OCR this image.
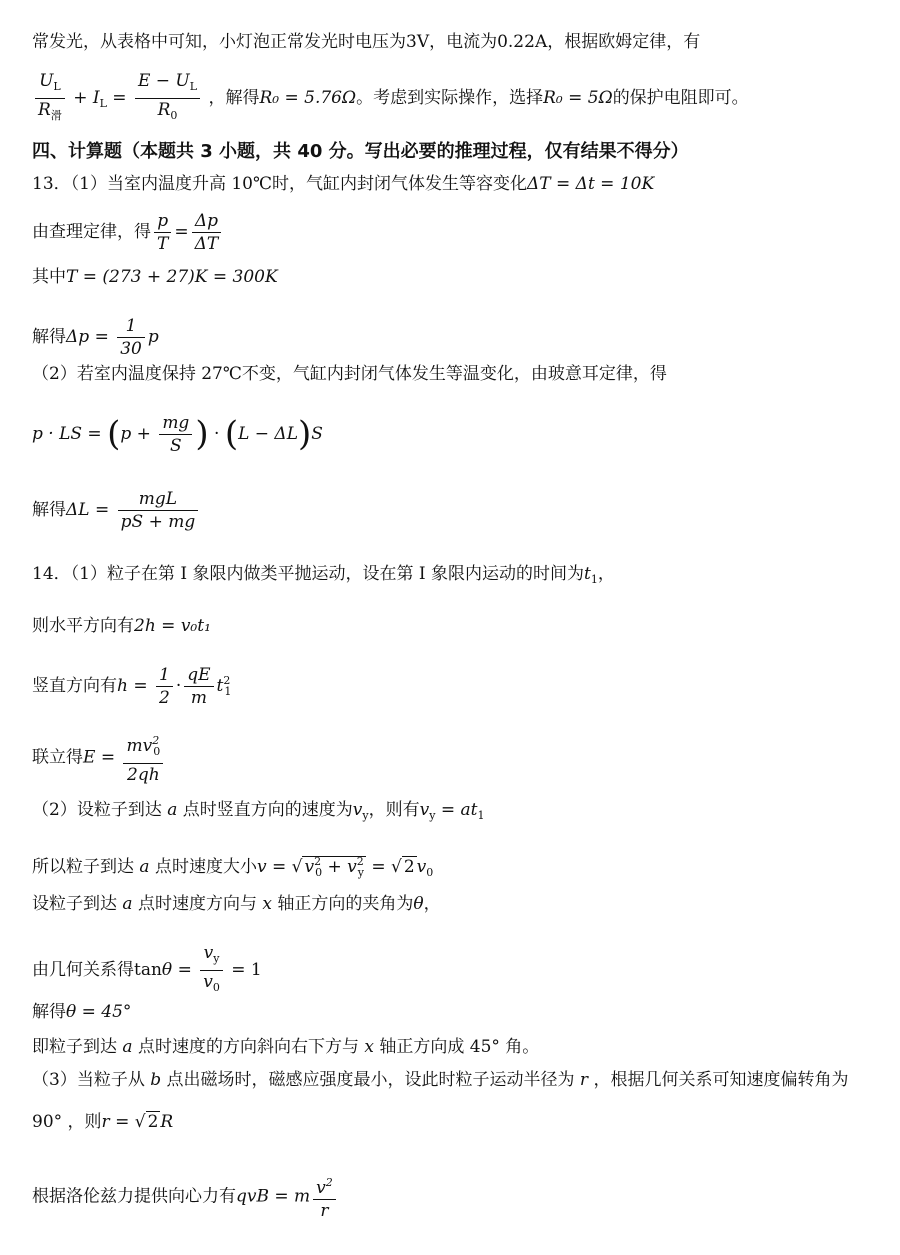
常发光，从表格中可知，小灯泡正常发光时电压为3V，电流为0.22A，根据欧姆定律，有
$\frac{U_L}{R_滑} + I_L = \frac{E - U_L}{R_0}$ ，解得R₀ = 5.76Ω。考虑到实际操作，选择R₀ = 5Ω的保护电阻即可。
四、计算题（本题共 3 小题，共 40 分。写出必要的推理过程，仅有结果不得分）
13．（1）当室内温度升高 10℃时，气缸内封闭气体发生等容变化ΔT = Δt = 10K
由查理定律，得 $\frac{p}{T} = \frac{\Delta p}{\Delta T}$
其中T = (273 + 27)K = 300K
解得$\Delta p = \frac{1}{30}$ p
（2）若室内温度保持 27℃不变，气缸内封闭气体发生等温变化，由玻意耳定律，得
p · LS = ($p + \frac{mg}{S}$ ) · (L − ΔL)S
解得$\Delta L = \frac{\text{mgL}}{pS + mg}$
14．（1）粒子在第 I 象限内做类平抛运动，设在第 I 象限内运动的时间为$t_1$，
则水平方向有2h = v₀t₁
竖直方向有$h = \frac{1}{2} \cdot \frac{qE}{m} t^2_1$
联立得$E = \frac{mv^2_0}{2qh}$
（2）设粒子到达 a 点时竖直方向的速度为$v_y$，则有$v_y = at_1$
所以粒子到达 a 点时速度大小v = √ $v^2_0 + v^2_y$ = √ 2 $v_0$
设粒子到达 a 点时速度方向与 x 轴正方向的夹角为θ，
由几何关系得$\tan\theta = \frac{v_y}{v_0} = 1$
解得θ = 45°
即粒子到达 a 点时速度的方向斜向右下方与 x 轴正方向成 45° 角。
（3）当粒子从 b 点出磁场时，磁感应强度最小，设此时粒子运动半径为 r ，根据几何关系可知速度偏转角为
90° ，则r = √ 2 R
根据洛伦兹力提供向心力有qvB = m $\frac{v^2}{r}$
